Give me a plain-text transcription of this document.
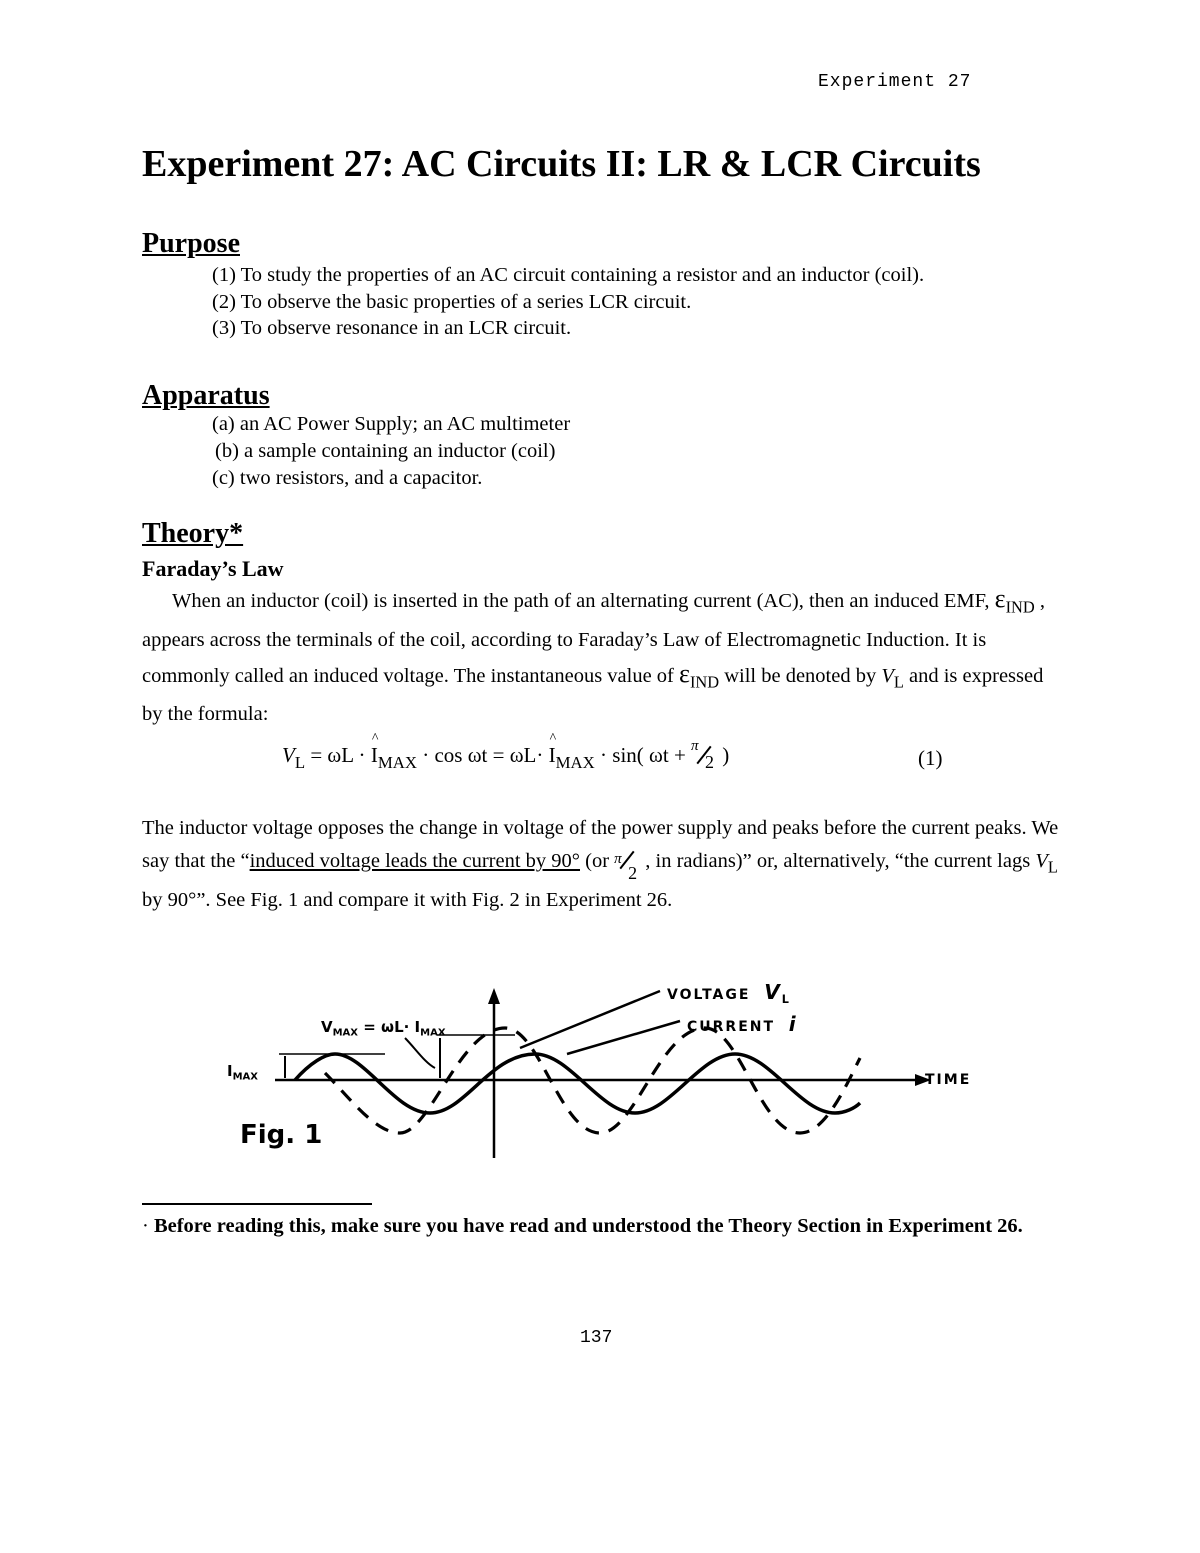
Experiment 27
Experiment 27: AC Circuits II: LR & LCR Circuits
Purpose
(1) To study the properties of an AC circuit containing a resistor and an inductor (coil).
(2) To observe the basic properties of a series LCR circuit.
(3) To observe resonance in an LCR circuit.
Apparatus
(a) an AC Power Supply; an AC multimeter
(b) a sample containing an inductor (coil)
(c) two resistors, and a capacitor.
Theory*
Faraday’s Law
When an inductor (coil) is inserted in the path of an alternating current (AC), then an induced EMF, $\varepsilon_{IND}$ , appears across the terminals of the coil, according to Faraday’s Law of Electromagnetic Induction. It is commonly called an induced voltage. The instantaneous value of $\varepsilon_{IND}$ will be denoted by $V_L$ and is expressed by the formula:
$V_L = \omega L$ · ^ $I_{MAX} \cdot \cos \omega t = \omega L\cdot$ ^ $I_{MAX} \cdot \sin$( ωt + π
2 )	(1)
The inductor voltage opposes the change in voltage of the power supply and peaks before the current peaks. We say that the “induced voltage leads the current by 90° (or π
2
, in radians)” or, alternatively, “the current lags $V_L$ by 90°”. See Fig. 1 and compare it with Fig. 2 in Experiment 26.
VOLTAGE $V_L$
CURRENT i
TIME
$I_{MAX}$
$V_{MAX} = \omega L\cdot I_{MAX}$
Fig. 1
· Before reading this, make sure you have read and understood the Theory Section in Experiment 26.
137
